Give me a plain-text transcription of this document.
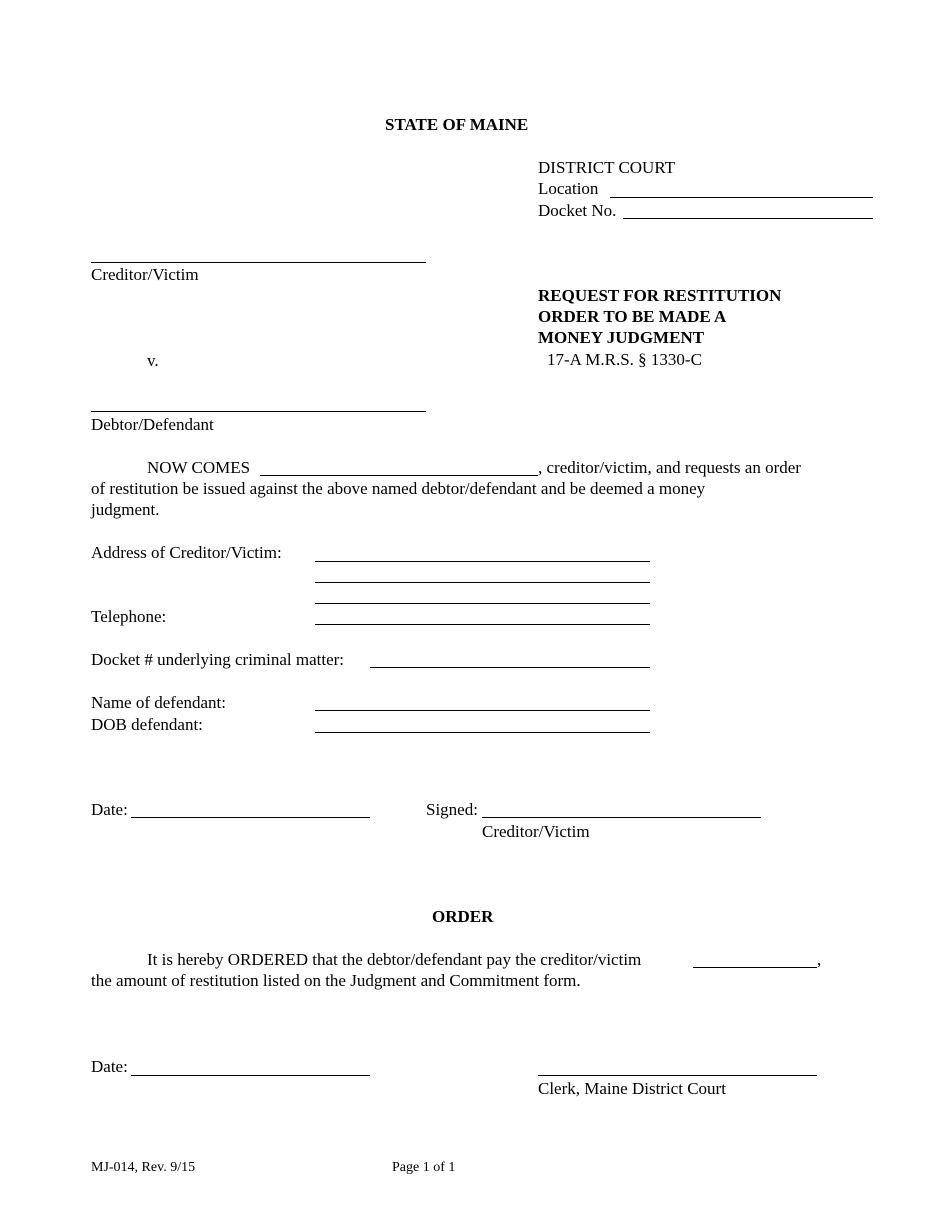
STATE OF MAINE
DISTRICT COURT
Location
Docket No.
Creditor/Victim
v.
Debtor/Defendant
REQUEST FOR RESTITUTION
ORDER TO BE MADE A
MONEY JUDGMENT
17-A M.R.S. § 1330-C
NOW COMES	, creditor/victim, and requests an order
of restitution be issued against the above named debtor/defendant and be deemed a money
judgment.
Address of Creditor/Victim:
Telephone:
Docket # underlying criminal matter:
Name of defendant:
DOB defendant:
Date:	Signed:
Creditor/Victim
ORDER
It is hereby ORDERED that the debtor/defendant pay the creditor/victim	,
the amount of restitution listed on the Judgment and Commitment form.
Date:
Clerk, Maine District Court
MJ-014, Rev. 9/15	Page 1 of 1
